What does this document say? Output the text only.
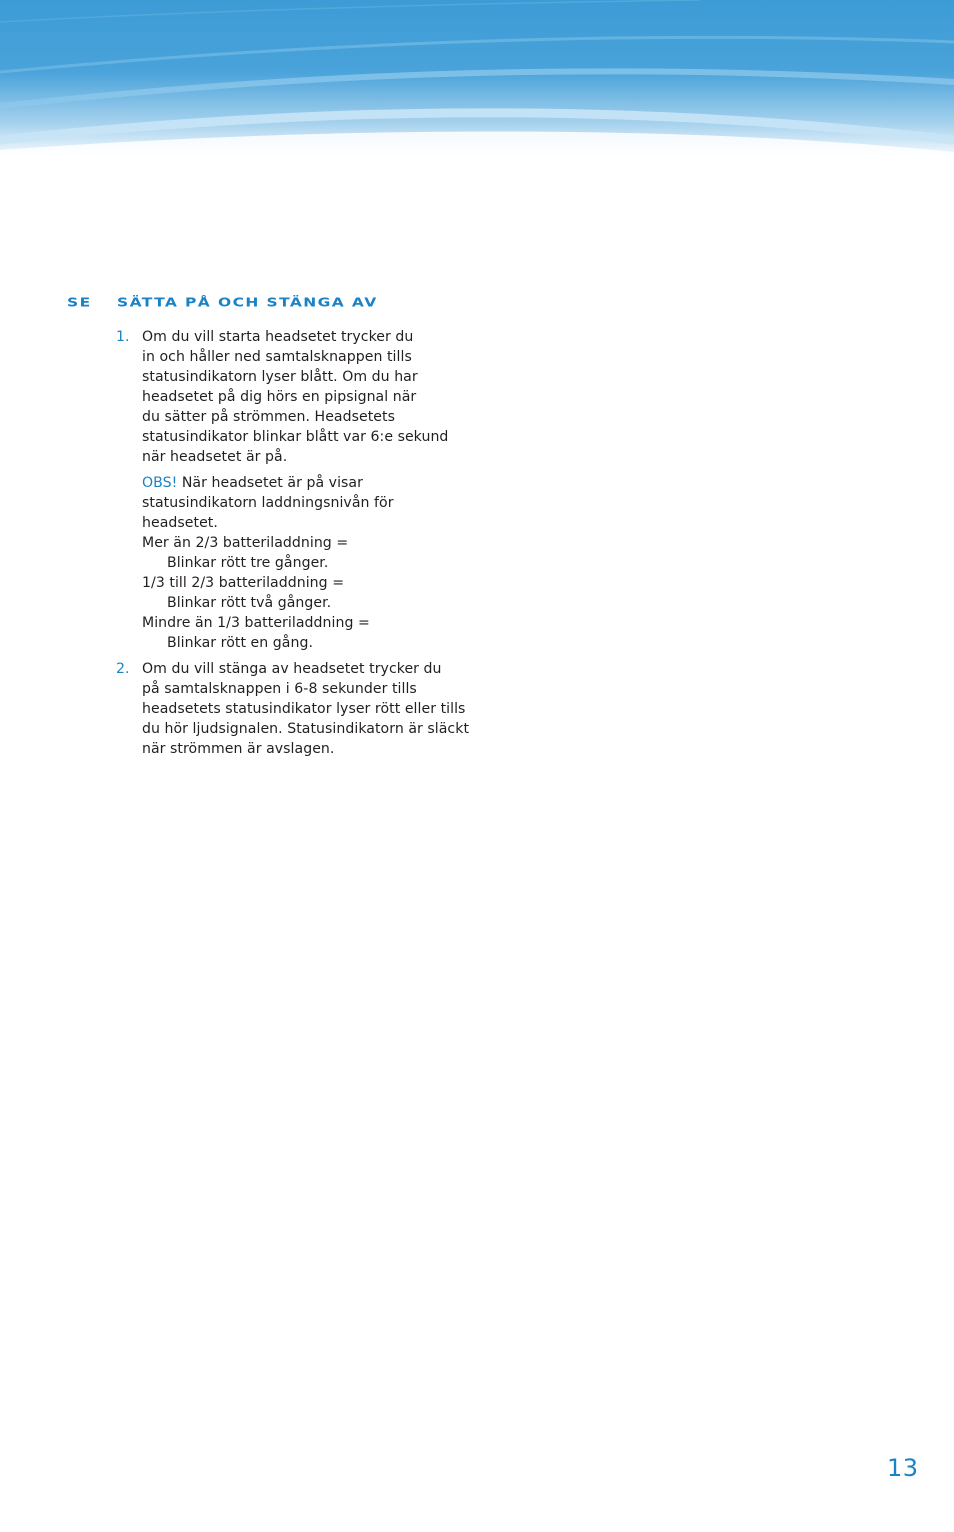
SE SÄTTA PÅ OCH STÄNGA AV
1. Om du vill starta headsetet trycker du
in och håller ned samtalsknappen tills
statusindikatorn lyser blått. Om du har
headsetet på dig hörs en pipsignal när
du sätter på strömmen. Headsetets
statusindikator blinkar blått var 6:e sekund
när headsetet är på.

OBS! När headsetet är på visar
statusindikatorn laddningsnivån för
headsetet.
Mer än 2/3 batteriladdning =
Blinkar rött tre gånger.
1/3 till 2/3 batteriladdning =
Blinkar rött två gånger.
Mindre än 1/3 batteriladdning =
Blinkar rött en gång.
2. Om du vill stänga av headsetet trycker du
på samtalsknappen i 6-8 sekunder tills
headsetets statusindikator lyser rött eller tills
du hör ljudsignalen. Statusindikatorn är släckt
när strömmen är avslagen.

13
